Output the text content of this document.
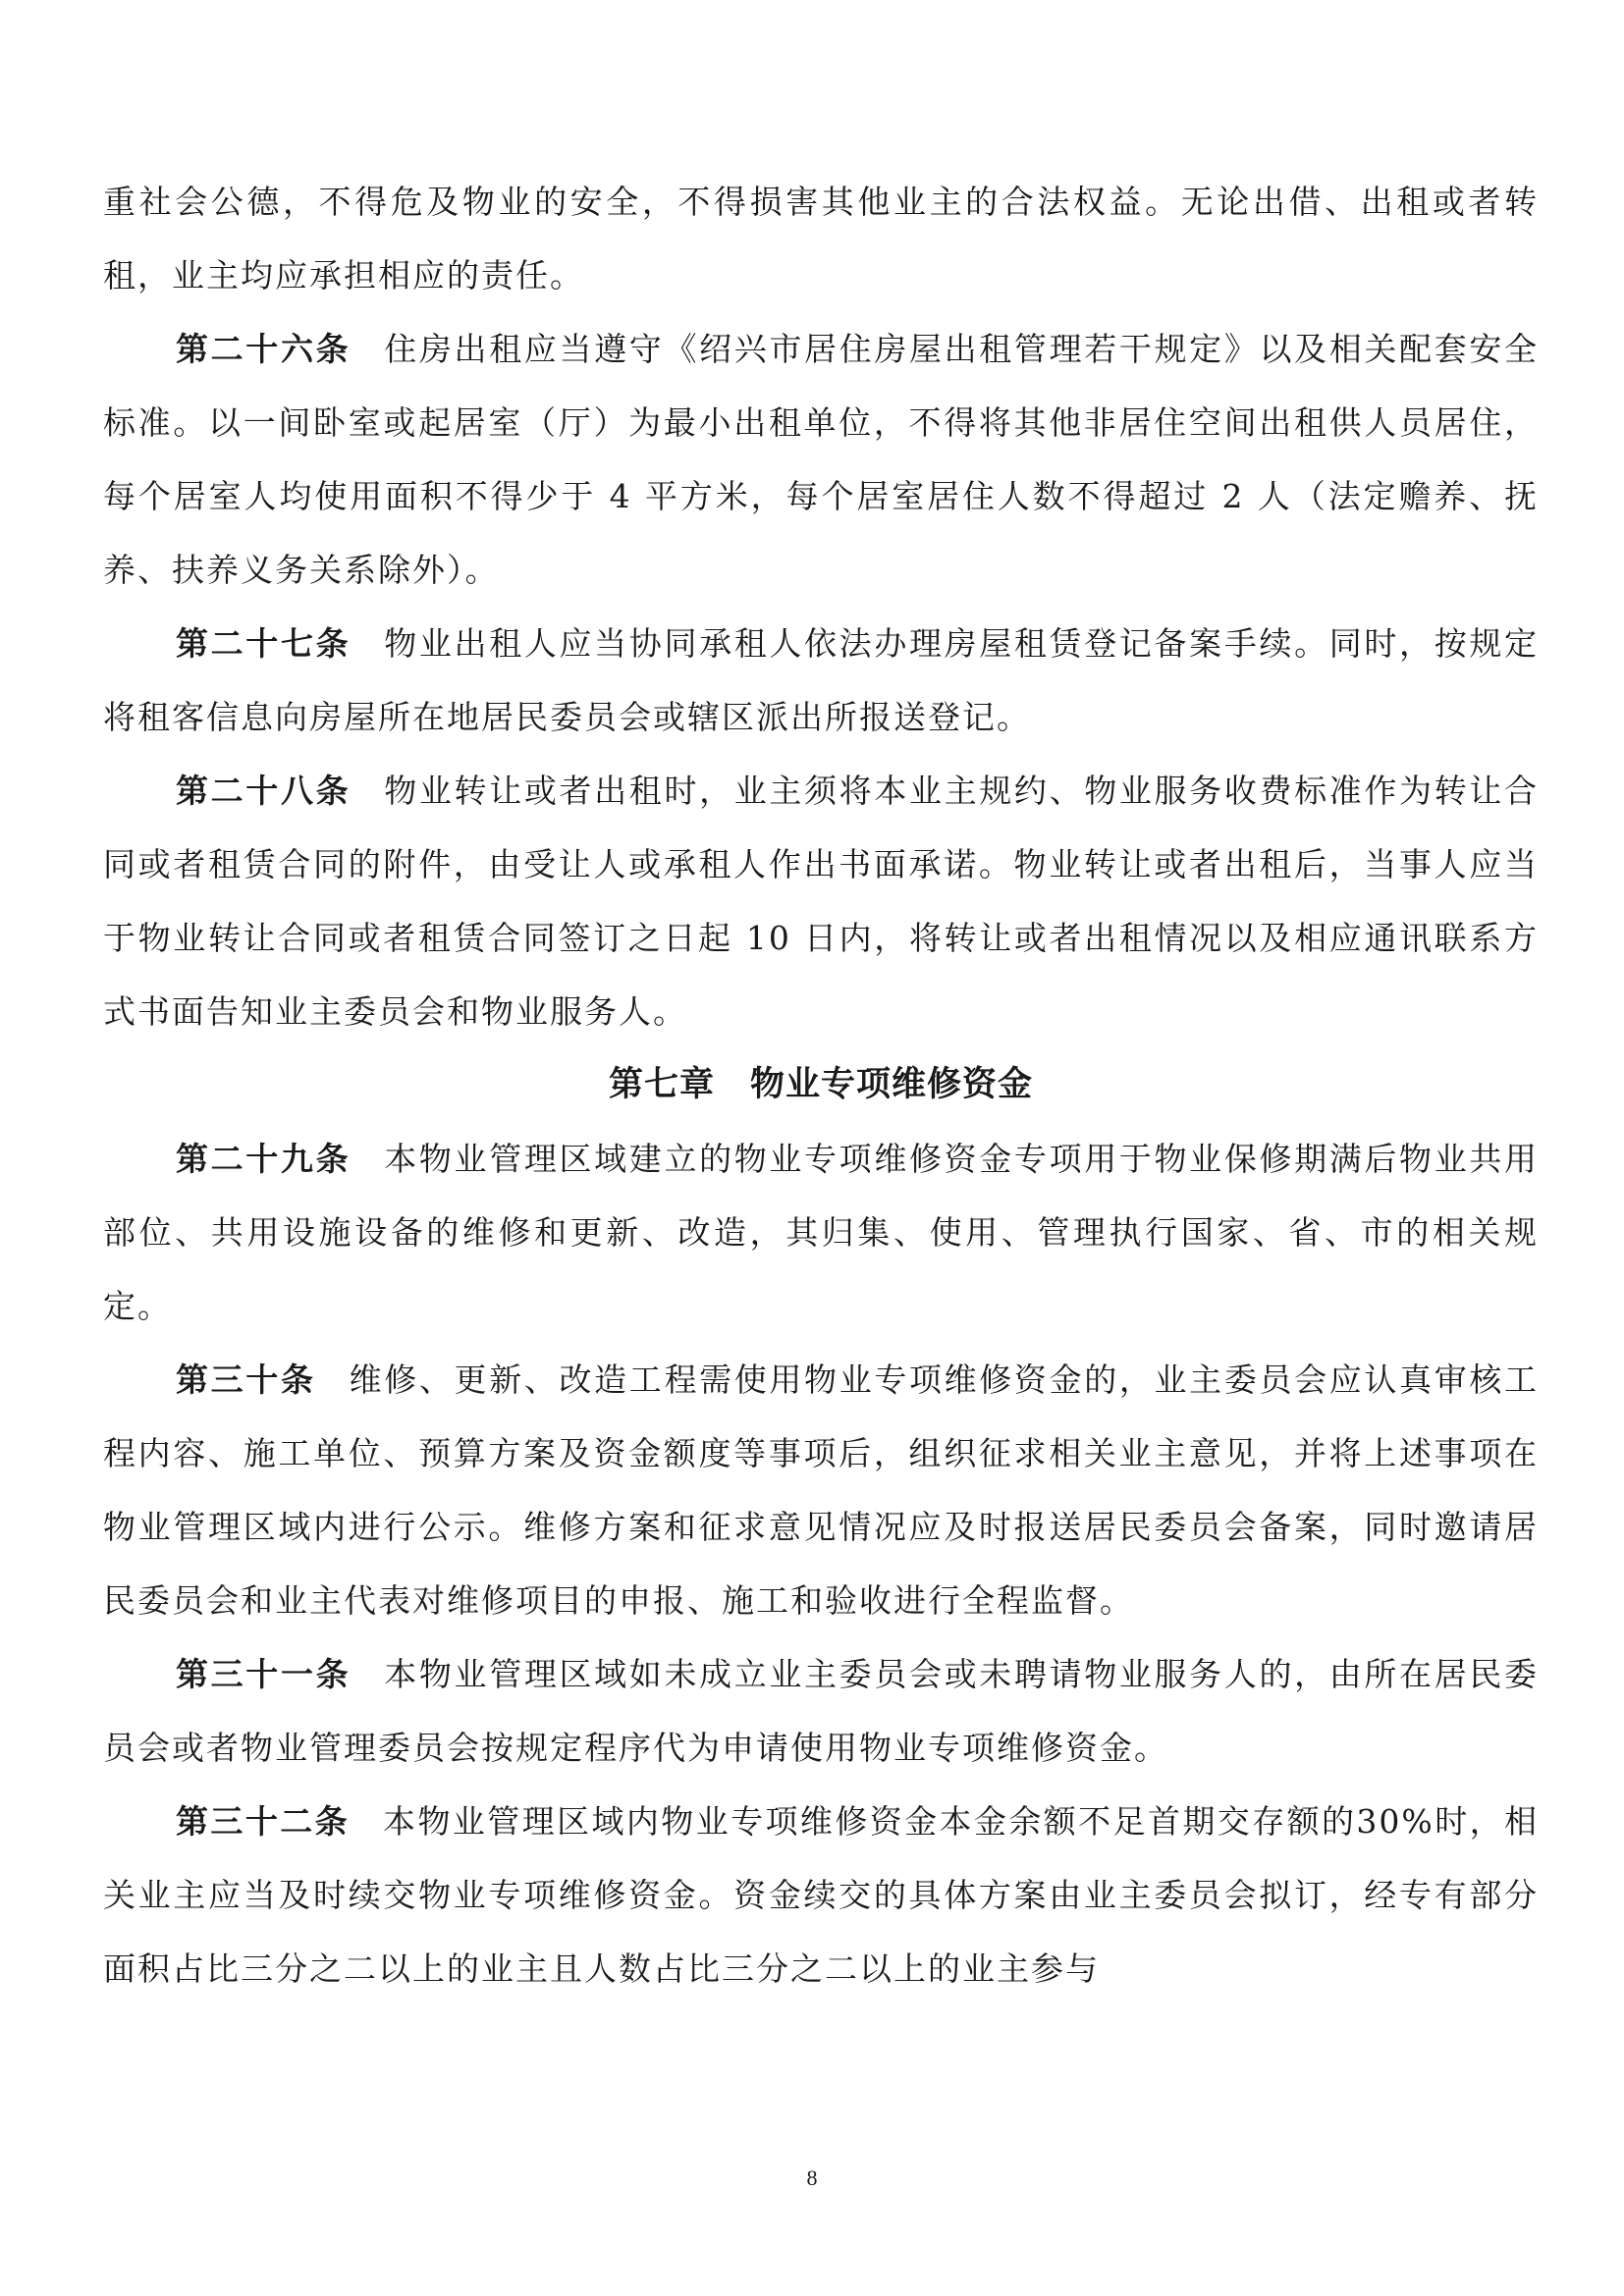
重社会公德，不得危及物业的安全，不得损害其他业主的合法权益。无论出借、出租或者转租，业主均应承担相应的责任。

第二十六条 住房出租应当遵守《绍兴市居住房屋出租管理若干规定》以及相关配套安全标准。以一间卧室或起居室（厅）为最小出租单位，不得将其他非居住空间出租供人员居住，每个居室人均使用面积不得少于 4 平方米，每个居室居住人数不得超过 2 人（法定赡养、抚养、扶养义务关系除外）。

第二十七条 物业出租人应当协同承租人依法办理房屋租赁登记备案手续。同时，按规定将租客信息向房屋所在地居民委员会或辖区派出所报送登记。

第二十八条 物业转让或者出租时，业主须将本业主规约、物业服务收费标准作为转让合同或者租赁合同的附件，由受让人或承租人作出书面承诺。物业转让或者出租后，当事人应当于物业转让合同或者租赁合同签订之日起 10 日内，将转让或者出租情况以及相应通讯联系方式书面告知业主委员会和物业服务人。

第七章　物业专项维修资金

第二十九条 本物业管理区域建立的物业专项维修资金专项用于物业保修期满后物业共用部位、共用设施设备的维修和更新、改造，其归集、使用、管理执行国家、省、市的相关规定。

第三十条 维修、更新、改造工程需使用物业专项维修资金的，业主委员会应认真审核工程内容、施工单位、预算方案及资金额度等事项后，组织征求相关业主意见，并将上述事项在物业管理区域内进行公示。维修方案和征求意见情况应及时报送居民委员会备案，同时邀请居民委员会和业主代表对维修项目的申报、施工和验收进行全程监督。

第三十一条 本物业管理区域如未成立业主委员会或未聘请物业服务人的，由所在居民委员会或者物业管理委员会按规定程序代为申请使用物业专项维修资金。

第三十二条 本物业管理区域内物业专项维修资金本金余额不足首期交存额的30%时，相关业主应当及时续交物业专项维修资金。资金续交的具体方案由业主委员会拟订，经专有部分面积占比三分之二以上的业主且人数占比三分之二以上的业主参与

8
